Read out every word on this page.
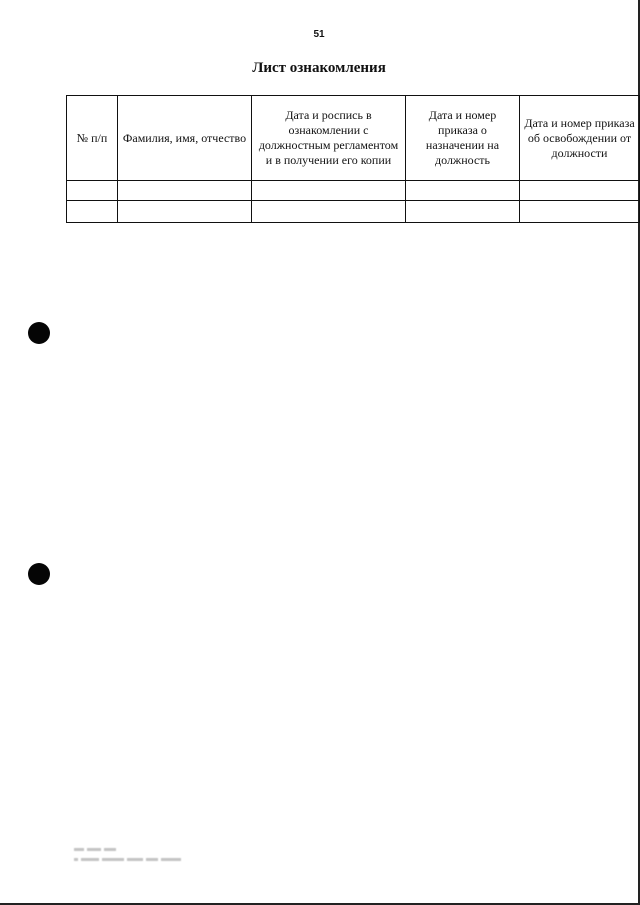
51
Лист ознакомления
№ п/п	Фамилия, имя, отчество	Дата и роспись в ознакомлении с должностным регламентом и в получении его копии	Дата и номер приказа о назначении на должность	Дата и номер приказа об освобождении от должности
